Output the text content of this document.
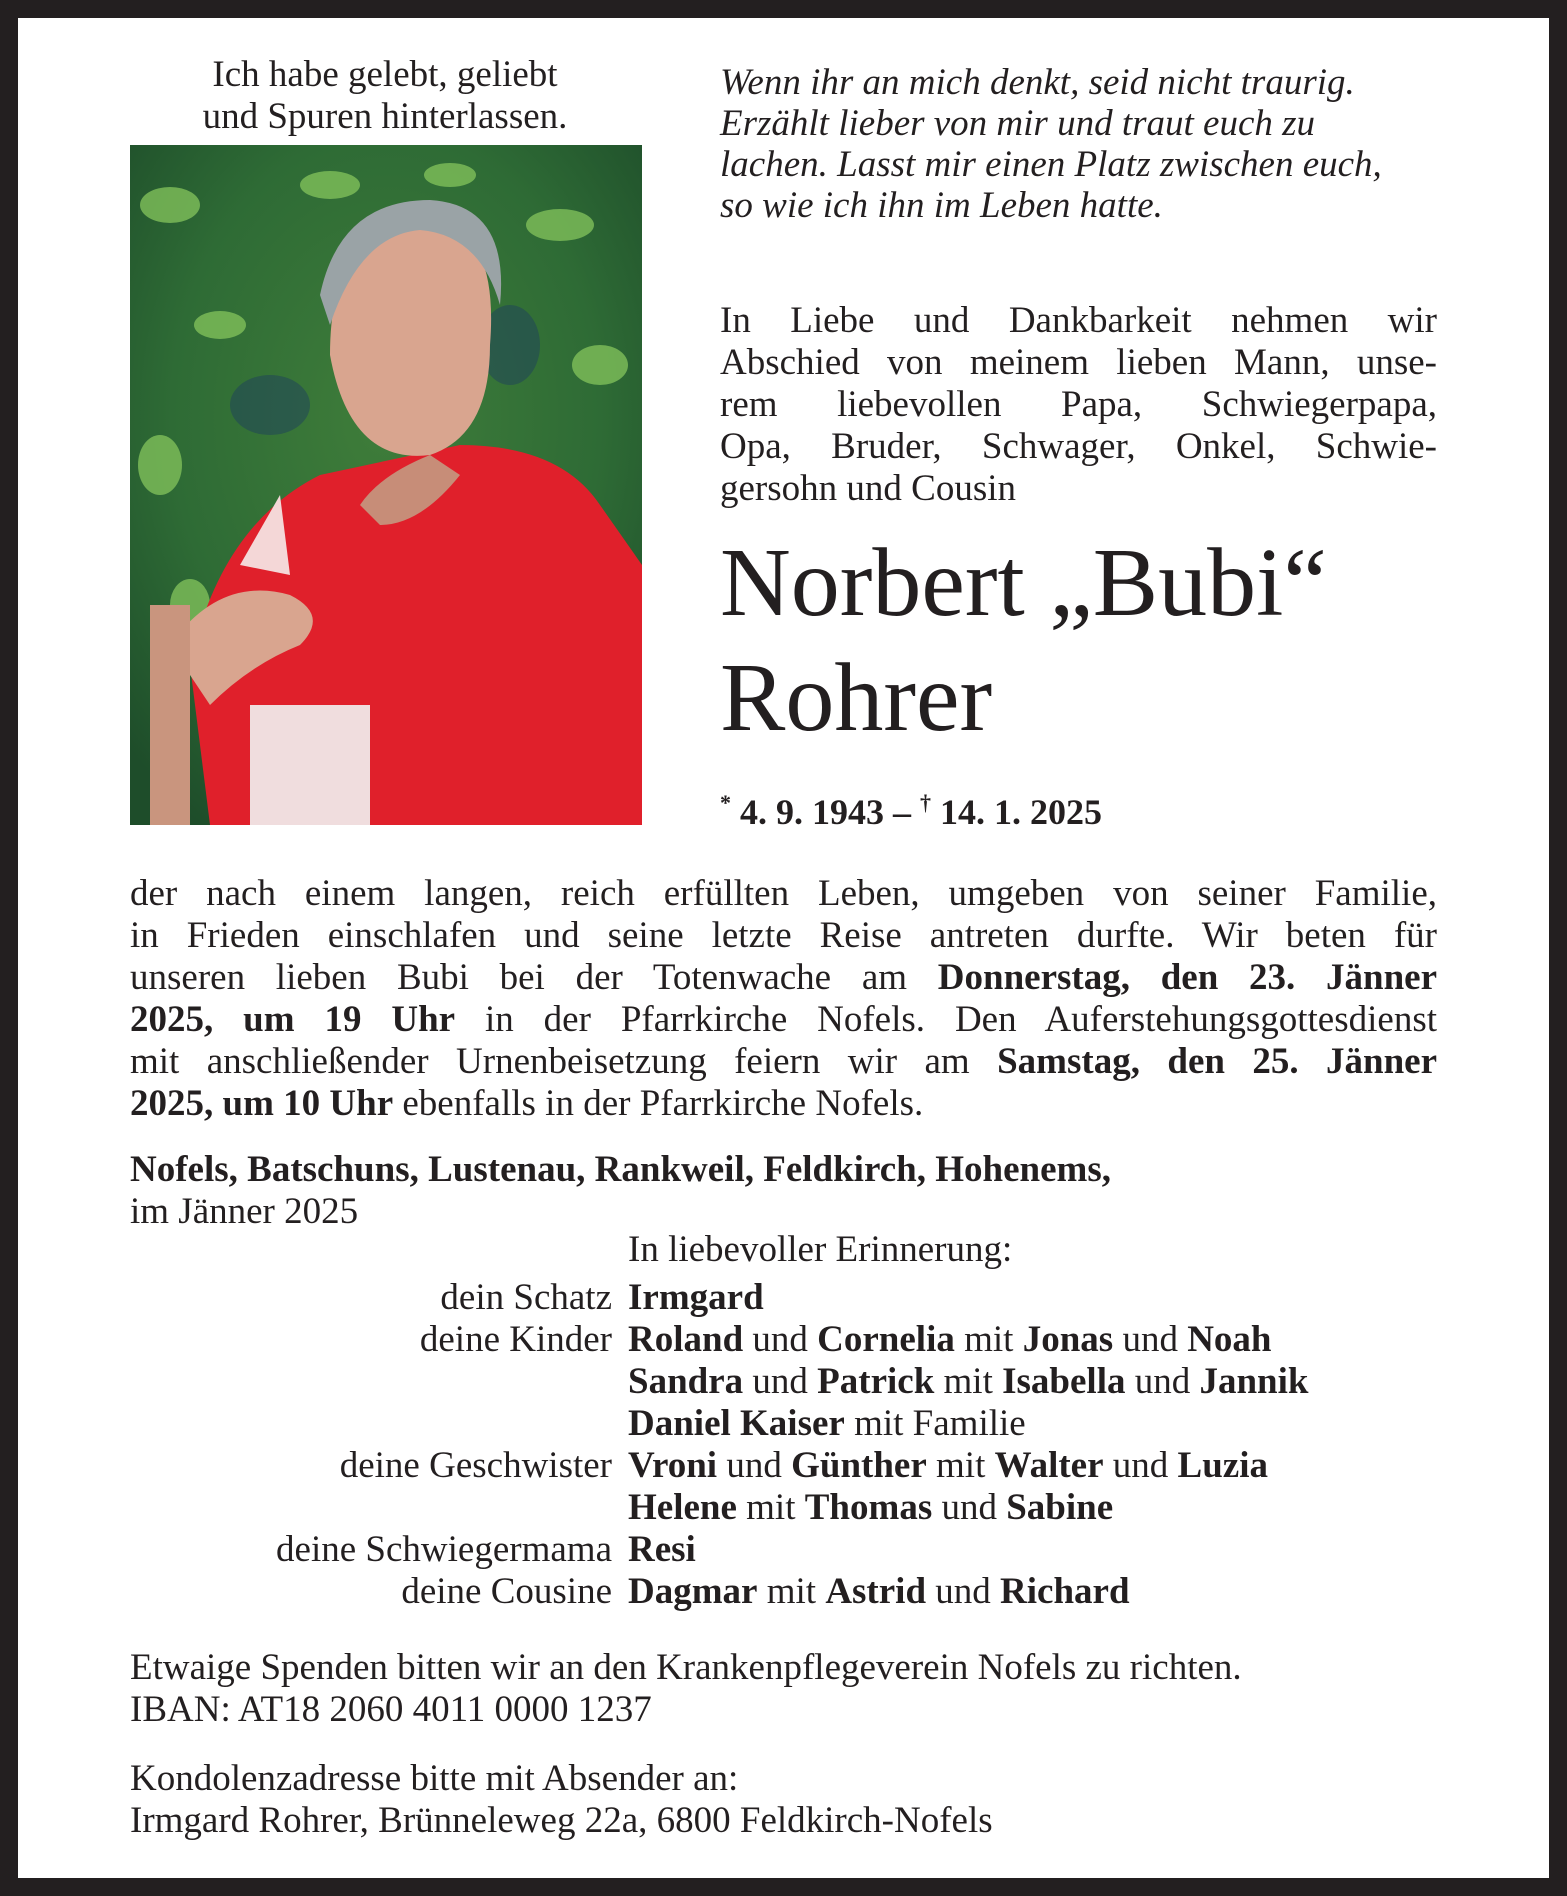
Ich habe gelebt, geliebt
und Spuren hinterlassen.
Wenn ihr an mich denkt, seid nicht traurig.
Erzählt lieber von mir und traut euch zu
lachen. Lasst mir einen Platz zwischen euch,
so wie ich ihn im Leben hatte.
In Liebe und Dankbarkeit nehmen wir
Abschied von meinem lieben Mann, unse-
rem liebevollen Papa, Schwiegerpapa,
Opa, Bruder, Schwager, Onkel, Schwie-
gersohn und Cousin
Norbert „Bubi“
Rohrer
* 4. 9. 1943 – † 14. 1. 2025
der nach einem langen, reich erfüllten Leben, umgeben von seiner Familie,
in Frieden einschlafen und seine letzte Reise antreten durfte. Wir beten für
unseren lieben Bubi bei der Totenwache am Donnerstag, den 23. Jänner
2025, um 19 Uhr in der Pfarrkirche Nofels. Den Auferstehungsgottesdienst
mit anschließender Urnenbeisetzung feiern wir am Samstag, den 25. Jänner
2025, um 10 Uhr ebenfalls in der Pfarrkirche Nofels.
Nofels, Batschuns, Lustenau, Rankweil, Feldkirch, Hohenems,
im Jänner 2025
In liebevoller Erinnerung:
dein Schatz Irmgard
deine Kinder Roland und Cornelia mit Jonas und Noah
Sandra und Patrick mit Isabella und Jannik
Daniel Kaiser mit Familie
deine Geschwister Vroni und Günther mit Walter und Luzia
Helene mit Thomas und Sabine
deine Schwiegermama Resi
deine Cousine Dagmar mit Astrid und Richard
Etwaige Spenden bitten wir an den Krankenpflegeverein Nofels zu richten.
IBAN: AT18 2060 4011 0000 1237
Kondolenzadresse bitte mit Absender an:
Irmgard Rohrer, Brünneleweg 22a, 6800 Feldkirch-Nofels
